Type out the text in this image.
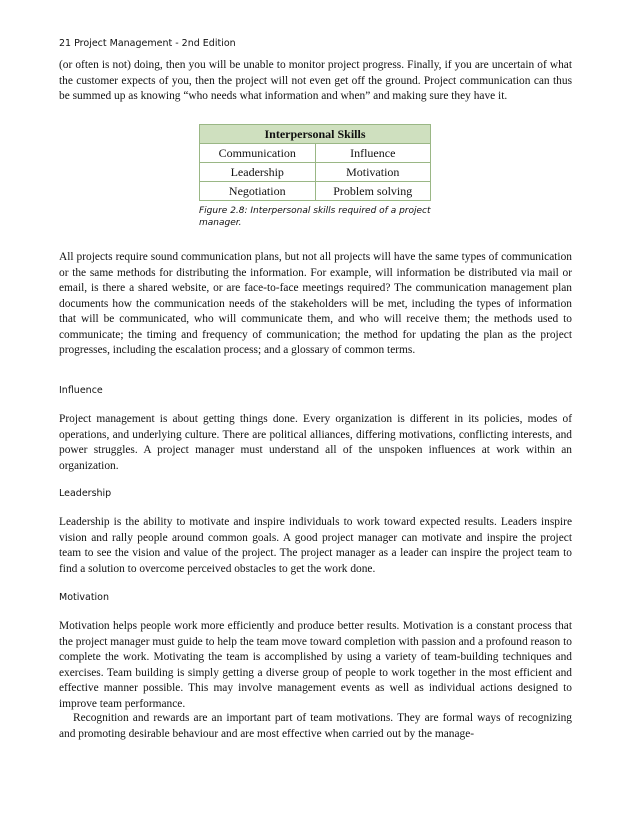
21 Project Management - 2nd Edition

(or often is not) doing, then you will be unable to monitor project progress. Finally, if you are uncertain of what the customer expects of you, then the project will not even get off the ground. Project communication can thus be summed up as knowing “who needs what information and when” and making sure they have it.

Interpersonal Skills	
Communication	Influence
Leadership	Motivation
Negotiation	Problem solving
Figure 2.8: Interpersonal skills required of a project manager.

All projects require sound communication plans, but not all projects will have the same types of communication or the same methods for distributing the information. For example, will information be distributed via mail or email, is there a shared website, or are face-to-face meetings required? The communication management plan documents how the communication needs of the stakeholders will be met, including the types of information that will be communicated, who will communicate them, and who will receive them; the methods used to communicate; the timing and frequency of communication; the method for updating the plan as the project progresses, including the escalation process; and a glossary of common terms.

Influence

Project management is about getting things done. Every organization is different in its policies, modes of operations, and underlying culture. There are political alliances, differing motivations, conflicting interests, and power struggles. A project manager must understand all of the unspoken influences at work within an organization.

Leadership

Leadership is the ability to motivate and inspire individuals to work toward expected results. Leaders inspire vision and rally people around common goals. A good project manager can motivate and inspire the project team to see the vision and value of the project. The project manager as a leader can inspire the project team to find a solution to overcome perceived obstacles to get the work done.

Motivation

Motivation helps people work more efficiently and produce better results. Motivation is a constant process that the project manager must guide to help the team move toward completion with passion and a profound reason to complete the work. Motivating the team is accomplished by using a variety of team-building techniques and exercises. Team building is simply getting a diverse group of people to work together in the most efficient and effective manner possible. This may involve management events as well as individual actions designed to improve team performance.

Recognition and rewards are an important part of team motivations. They are formal ways of recognizing and promoting desirable behaviour and are most effective when carried out by the manage-
